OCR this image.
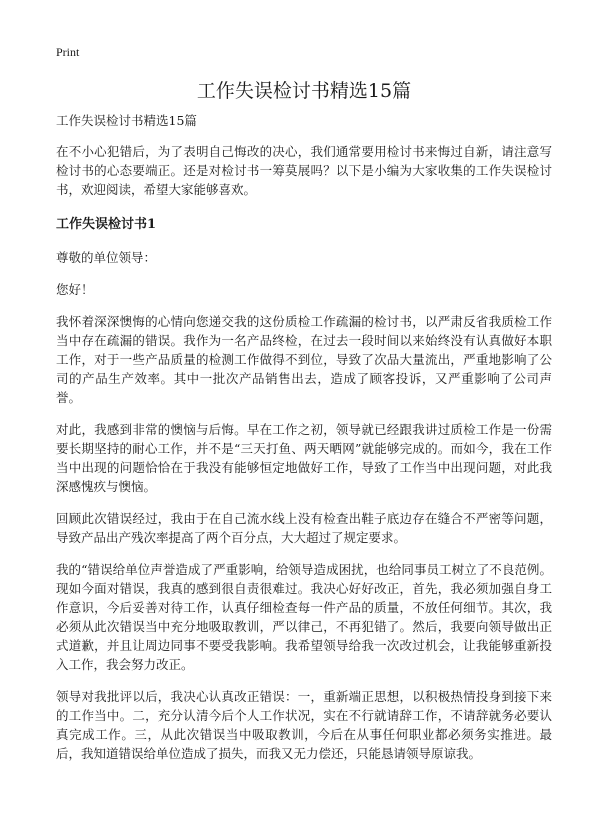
Print
工作失误检讨书精选15篇
工作失误检讨书精选15篇

在不小心犯错后，为了表明自己悔改的决心，我们通常要用检讨书来悔过自新，请注意写检讨书的心态要端正。还是对检讨书一筹莫展吗？以下是小编为大家收集的工作失误检讨书，欢迎阅读，希望大家能够喜欢。

工作失误检讨书1

尊敬的单位领导：

您好！

我怀着深深懊悔的心情向您递交我的这份质检工作疏漏的检讨书，以严肃反省我质检工作当中存在疏漏的错误。我作为一名产品终检，在过去一段时间以来始终没有认真做好本职工作，对于一些产品质量的检测工作做得不到位，导致了次品大量流出，严重地影响了公司的产品生产效率。其中一批次产品销售出去，造成了顾客投诉，又严重影响了公司声誉。

对此，我感到非常的懊恼与后悔。早在工作之初，领导就已经跟我讲过质检工作是一份需要长期坚持的耐心工作，并不是“三天打鱼、两天晒网”就能够完成的。而如今，我在工作当中出现的问题恰恰在于我没有能够恒定地做好工作，导致了工作当中出现问题，对此我深感愧疚与懊恼。

回顾此次错误经过，我由于在自己流水线上没有检查出鞋子底边存在缝合不严密等问题，导致产品出产残次率提高了两个百分点，大大超过了规定要求。

我的“错误给单位声誉造成了严重影响，给领导造成困扰，也给同事员工树立了不良范例。现如今面对错误，我真的感到很自责很难过。我决心好好改正，首先，我必须加强自身工作意识，今后妥善对待工作，认真仔细检查每一件产品的质量，不放任何细节。其次，我必须从此次错误当中充分地吸取教训，严以律己，不再犯错了。然后，我要向领导做出正式道歉，并且让周边同事不要受我影响。我希望领导给我一次改过机会，让我能够重新投入工作，我会努力改正。

领导对我批评以后，我决心认真改正错误：一，重新端正思想，以积极热情投身到接下来的工作当中。二，充分认清今后个人工作状况，实在不行就请辞工作，不请辞就务必要认真完成工作。三，从此次错误当中吸取教训，今后在从事任何职业都必须务实推进。最后，我知道错误给单位造成了损失，而我又无力偿还，只能恳请领导原谅我。
